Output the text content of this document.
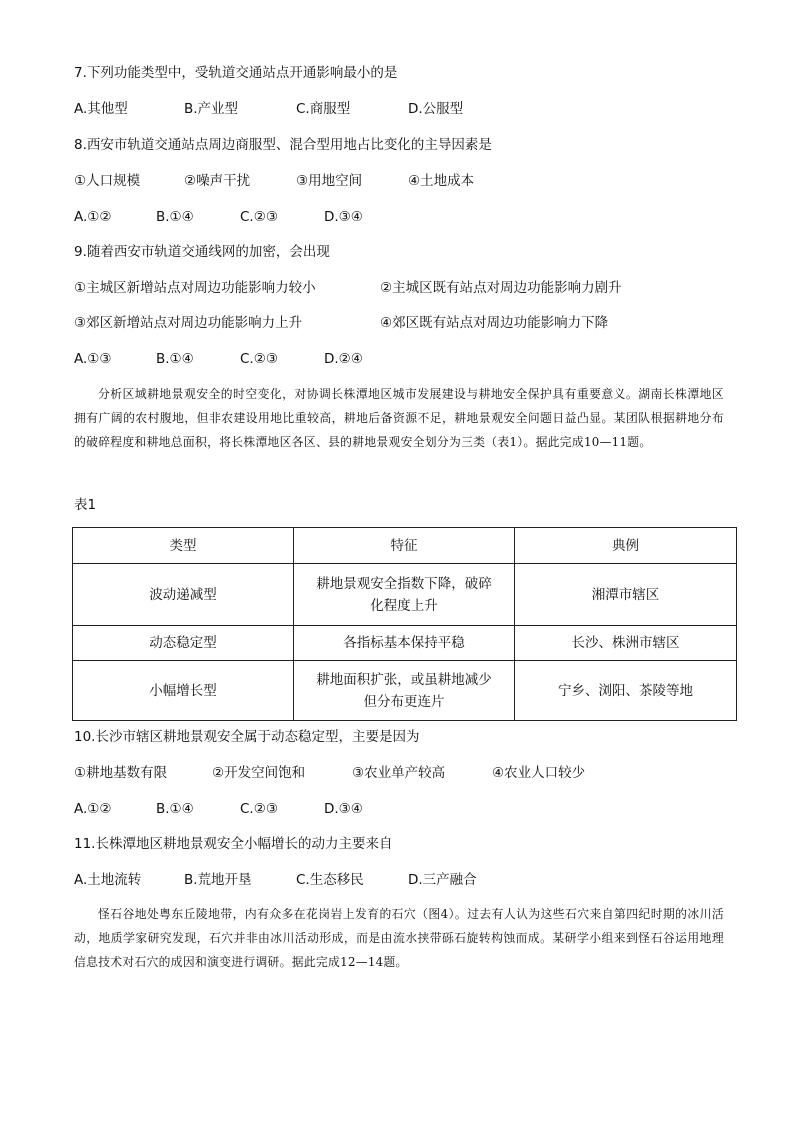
7.下列功能类型中，受轨道交通站点开通影响最小的是
A.其他型	B.产业型	C.商服型	D.公服型
8.西安市轨道交通站点周边商服型、混合型用地占比变化的主导因素是
①人口规模	②噪声干扰	③用地空间	④土地成本
A.①②	B.①④	C.②③	D.③④
9.随着西安市轨道交通线网的加密，会出现
①主城区新增站点对周边功能影响力较小	②主城区既有站点对周边功能影响力剧升
③郊区新增站点对周边功能影响力上升	④郊区既有站点对周边功能影响力下降
A.①③	B.①④	C.②③	D.②④

分析区域耕地景观安全的时空变化，对协调长株潭地区城市发展建设与耕地安全保护具有重要意义。湖南长株潭地区拥有广阔的农村腹地，但非农建设用地比重较高，耕地后备资源不足，耕地景观安全问题日益凸显。某团队根据耕地分布的破碎程度和耕地总面积，将长株潭地区各区、县的耕地景观安全划分为三类（表1）。据此完成10—11题。

表1
类型	特征	典例
波动递减型	耕地景观安全指数下降，破碎化程度上升	湘潭市辖区
动态稳定型	各指标基本保持平稳	长沙、株洲市辖区
小幅增长型	耕地面积扩张，或虽耕地减少但分布更连片	宁乡、浏阳、茶陵等地
10.长沙市辖区耕地景观安全属于动态稳定型，主要是因为
①耕地基数有限	②开发空间饱和	③农业单产较高	④农业人口较少
A.①②	B.①④	C.②③	D.③④
11.长株潭地区耕地景观安全小幅增长的动力主要来自
A.土地流转	B.荒地开垦	C.生态移民	D.三产融合

怪石谷地处粤东丘陵地带，内有众多在花岗岩上发育的石穴（图4）。过去有人认为这些石穴来自第四纪时期的冰川活动，地质学家研究发现，石穴并非由冰川活动形成，而是由流水挟带砾石旋转构蚀而成。某研学小组来到怪石谷运用地理信息技术对石穴的成因和演变进行调研。据此完成12—14题。
